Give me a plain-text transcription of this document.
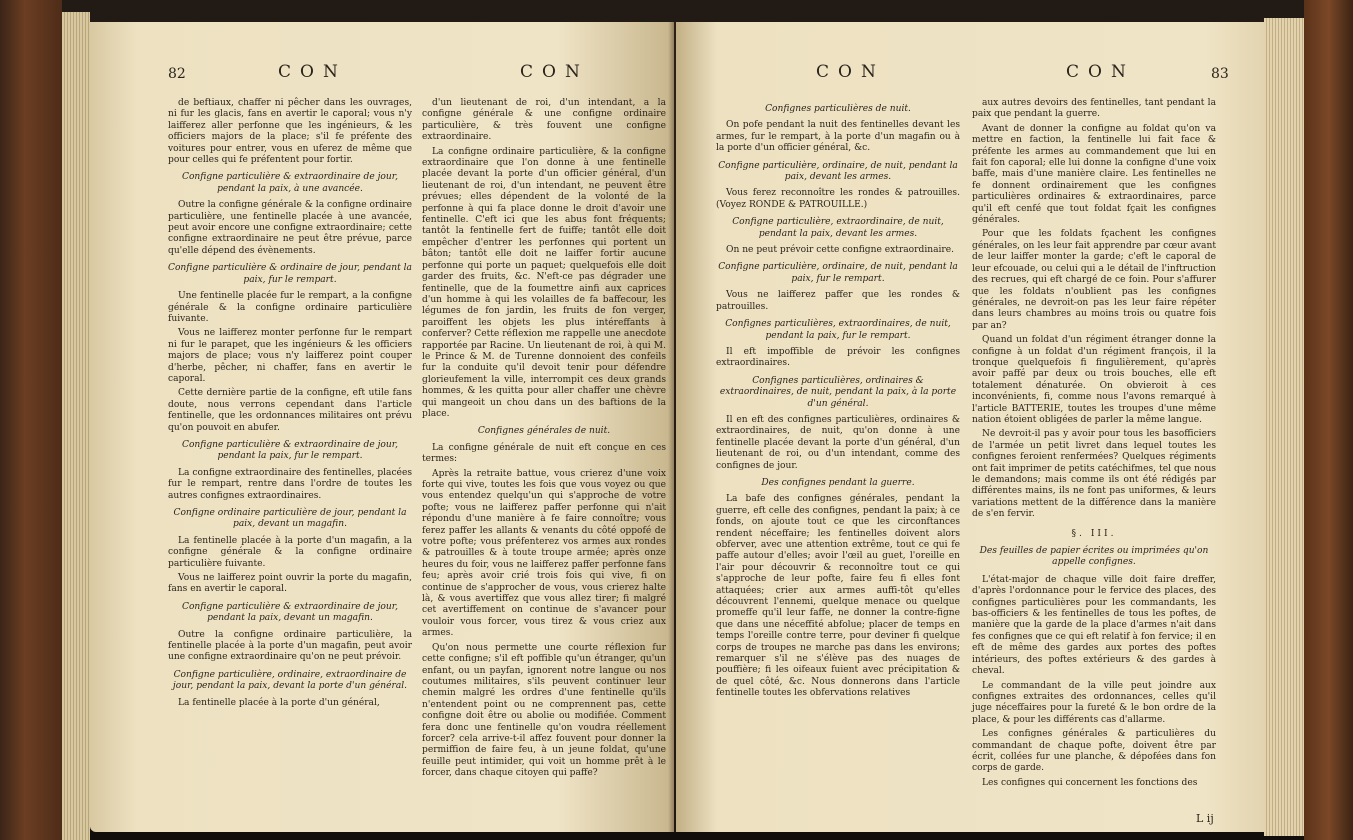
82	CON	CON

de beftiaux, chaffer ni pêcher dans les ouvrages, ni fur les glacis, fans en avertir le caporal; vous n'y laifferez aller perfonne que les ingénieurs, & les officiers majors de la place; s'il fe préfente des voitures pour entrer, vous en uferez de même que pour celles qui fe préfentent pour fortir.

Configne particulière & extraordinaire de jour, pendant la paix, à une avancée.

Outre la configne générale & la configne ordinaire particulière, une fentinelle placée à une avancée, peut avoir encore une configne extraordinaire; cette configne extraordinaire ne peut être prévue, parce qu'elle dépend des évènements.

Configne particulière & ordinaire de jour, pendant la paix, fur le rempart.

Une fentinelle placée fur le rempart, a la configne générale & la configne ordinaire particulière fuivante.

Vous ne laifferez monter perfonne fur le rempart ni fur le parapet, que les ingénieurs & les officiers majors de place; vous n'y laifferez point couper d'herbe, pêcher, ni chaffer, fans en avertir le caporal.

Cette dernière partie de la configne, eft utile fans doute, nous verrons cependant dans l'article fentinelle, que les ordonnances militaires ont prévu qu'on pouvoit en abufer.

Configne particulière & extraordinaire de jour, pendant la paix, fur le rempart.

La configne extraordinaire des fentinelles, placées fur le rempart, rentre dans l'ordre de toutes les autres confignes extraordinaires.

Configne ordinaire particulière de jour, pendant la paix, devant un magafin.

La fentinelle placée à la porte d'un magafin, a la configne générale & la configne ordinaire particulière fuivante.

Vous ne laifferez point ouvrir la porte du magafin, fans en avertir le caporal.

Configne particulière & extraordinaire de jour, pendant la paix, devant un magafin.

Outre la configne ordinaire particulière, la fentinelle placée à la porte d'un magafin, peut avoir une configne extraordinaire qu'on ne peut prévoir.

Configne particulière, ordinaire, extraordinaire de jour, pendant la paix, devant la porte d'un général.

La fentinelle placée à la porte d'un général,

d'un lieutenant de roi, d'un intendant, a la configne générale & une configne ordinaire particulière, & très fouvent une configne extraordinaire.

La configne ordinaire particulière, & la configne extraordinaire que l'on donne à une fentinelle placée devant la porte d'un officier général, d'un lieutenant de roi, d'un intendant, ne peuvent être prévues; elles dépendent de la volonté de la perfonne à qui fa place donne le droit d'avoir une fentinelle. C'eft ici que les abus font fréquents; tantôt la fentinelle fert de fuiffe; tantôt elle doit empêcher d'entrer les perfonnes qui portent un bâton; tantôt elle doit ne laiffer fortir aucune perfonne qui porte un paquet; quelquefois elle doit garder des fruits, &c. N'eft-ce pas dégrader une fentinelle, que de la foumettre ainfi aux caprices d'un homme à qui les volailles de fa baffecour, les légumes de fon jardin, les fruits de fon verger, paroiffent les objets les plus intéreffants à conferver? Cette réflexion me rappelle une anecdote rapportée par Racine. Un lieutenant de roi, à qui M. le Prince & M. de Turenne donnoient des confeils fur la conduite qu'il devoit tenir pour défendre glorieufement la ville, interrompit ces deux grands hommes, & les quitta pour aller chaffer une chèvre qui mangeoit un chou dans un des baftions de la place.

Confignes générales de nuit.

La configne générale de nuit eft conçue en ces termes:

Après la retraite battue, vous crierez d'une voix forte qui vive, toutes les fois que vous voyez ou que vous entendez quelqu'un qui s'approche de votre pofte; vous ne laifferez paffer perfonne qui n'ait répondu d'une manière à fe faire connoître; vous ferez paffer les allants & venants du côté oppofé de votre pofte; vous préfenterez vos armes aux rondes & patrouilles & à toute troupe armée; après onze heures du foir, vous ne laifferez paffer perfonne fans feu; après avoir crié trois fois qui vive, fi on continue de s'approcher de vous, vous crierez halte là, & vous avertiffez que vous allez tirer; fi malgré cet avertiffement on continue de s'avancer pour vouloir vous forcer, vous tirez & vous criez aux armes.

Qu'on nous permette une courte réflexion fur cette configne; s'il eft poffible qu'un étranger, qu'un enfant, ou un payfan, ignorent notre langue ou nos coutumes militaires, s'ils peuvent continuer leur chemin malgré les ordres d'une fentinelle qu'ils n'entendent point ou ne comprennent pas, cette configne doit être ou abolie ou modifiée. Comment fera donc une fentinelle qu'on voudra réellement forcer? cela arrive-t-il affez fouvent pour donner la permiffion de faire feu, à un jeune foldat, qu'une feuille peut intimider, qui voit un homme prêt à le forcer, dans chaque citoyen qui paffe?

CON	CON	83

Confignes particulières de nuit.

On pofe pendant la nuit des fentinelles devant les armes, fur le rempart, à la porte d'un magafin ou à la porte d'un officier général, &c.

Configne particulière, ordinaire, de nuit, pendant la paix, devant les armes.

Vous ferez reconnoître les rondes & patrouilles. (Voyez RONDE & PATROUILLE.)

Configne particulière, extraordinaire, de nuit, pendant la paix, devant les armes.

On ne peut prévoir cette configne extraordinaire.

Configne particulière, ordinaire, de nuit, pendant la paix, fur le rempart.

Vous ne laifferez paffer que les rondes & patrouilles.

Confignes particulières, extraordinaires, de nuit, pendant la paix, fur le rempart.

Il eft impoffible de prévoir les confignes extraordinaires.

Confignes particulières, ordinaires & extraordinaires, de nuit, pendant la paix, à la porte d'un général.

Il en eft des confignes particulières, ordinaires & extraordinaires, de nuit, qu'on donne à une fentinelle placée devant la porte d'un général, d'un lieutenant de roi, ou d'un intendant, comme des confignes de jour.

Des confignes pendant la guerre.

La bafe des confignes générales, pendant la guerre, eft celle des confignes, pendant la paix; à ce fonds, on ajoute tout ce que les circonftances rendent néceffaire; les fentinelles doivent alors obferver, avec une attention extrême, tout ce qui fe paffe autour d'elles; avoir l'œil au guet, l'oreille en l'air pour découvrir & reconnoître tout ce qui s'approche de leur pofte, faire feu fi elles font attaquées; crier aux armes auffi-tôt qu'elles découvrent l'ennemi, quelque menace ou quelque promeffe qu'il leur faffe, ne donner la contre-figne que dans une néceffité abfolue; placer de temps en temps l'oreille contre terre, pour deviner fi quelque corps de troupes ne marche pas dans les environs; remarquer s'il ne s'élève pas des nuages de pouffière; fi les oifeaux fuient avec précipitation & de quel côté, &c. Nous donnerons dans l'article fentinelle toutes les obfervations relatives

aux autres devoirs des fentinelles, tant pendant la paix que pendant la guerre.

Avant de donner la configne au foldat qu'on va mettre en faction, la fentinelle lui fait face & préfente les armes au commandement que lui en fait fon caporal; elle lui donne la configne d'une voix baffe, mais d'une manière claire. Les fentinelles ne fe donnent ordinairement que les confignes particulières ordinaires & extraordinaires, parce qu'il eft cenfé que tout foldat fçait les confignes générales.

Pour que les foldats fçachent les confignes générales, on les leur fait apprendre par cœur avant de leur laiffer monter la garde; c'eft le caporal de leur efcouade, ou celui qui a le détail de l'inftruction des recrues, qui eft chargé de ce foin. Pour s'affurer que les foldats n'oublient pas les confignes générales, ne devroit-on pas les leur faire répéter dans leurs chambres au moins trois ou quatre fois par an?

Quand un foldat d'un régiment étranger donne la configne à un foldat d'un régiment françois, il la tronque quelquefois fi fingulièrement, qu'après avoir paffé par deux ou trois bouches, elle eft totalement dénaturée. On obvieroit à ces inconvénients, fi, comme nous l'avons remarqué à l'article BATTERIE, toutes les troupes d'une même nation étoient obligées de parler la même langue.

Ne devroit-il pas y avoir pour tous les basofficiers de l'armée un petit livret dans lequel toutes les confignes feroient renfermées? Quelques régiments ont fait imprimer de petits catéchifmes, tel que nous le demandons; mais comme ils ont été rédigés par différentes mains, ils ne font pas uniformes, & leurs variations mettent de la différence dans la manière de s'en fervir.

§. III.

Des feuilles de papier écrites ou imprimées qu'on appelle confignes.

L'état-major de chaque ville doit faire dreffer, d'après l'ordonnance pour le fervice des places, des confignes particulières pour les commandants, les bas-officiers & les fentinelles de tous les poftes, de manière que la garde de la place d'armes n'ait dans fes confignes que ce qui eft relatif à fon fervice; il en eft de même des gardes aux portes des poftes intérieurs, des poftes extérieurs & des gardes à cheval.

Le commandant de la ville peut joindre aux confignes extraites des ordonnances, celles qu'il juge néceffaires pour la fureté & le bon ordre de la place, & pour les différents cas d'allarme.

Les confignes générales & particulières du commandant de chaque pofte, doivent être par écrit, collées fur une planche, & dépofées dans fon corps de garde.

Les confignes qui concernent les fonctions des

L ij
